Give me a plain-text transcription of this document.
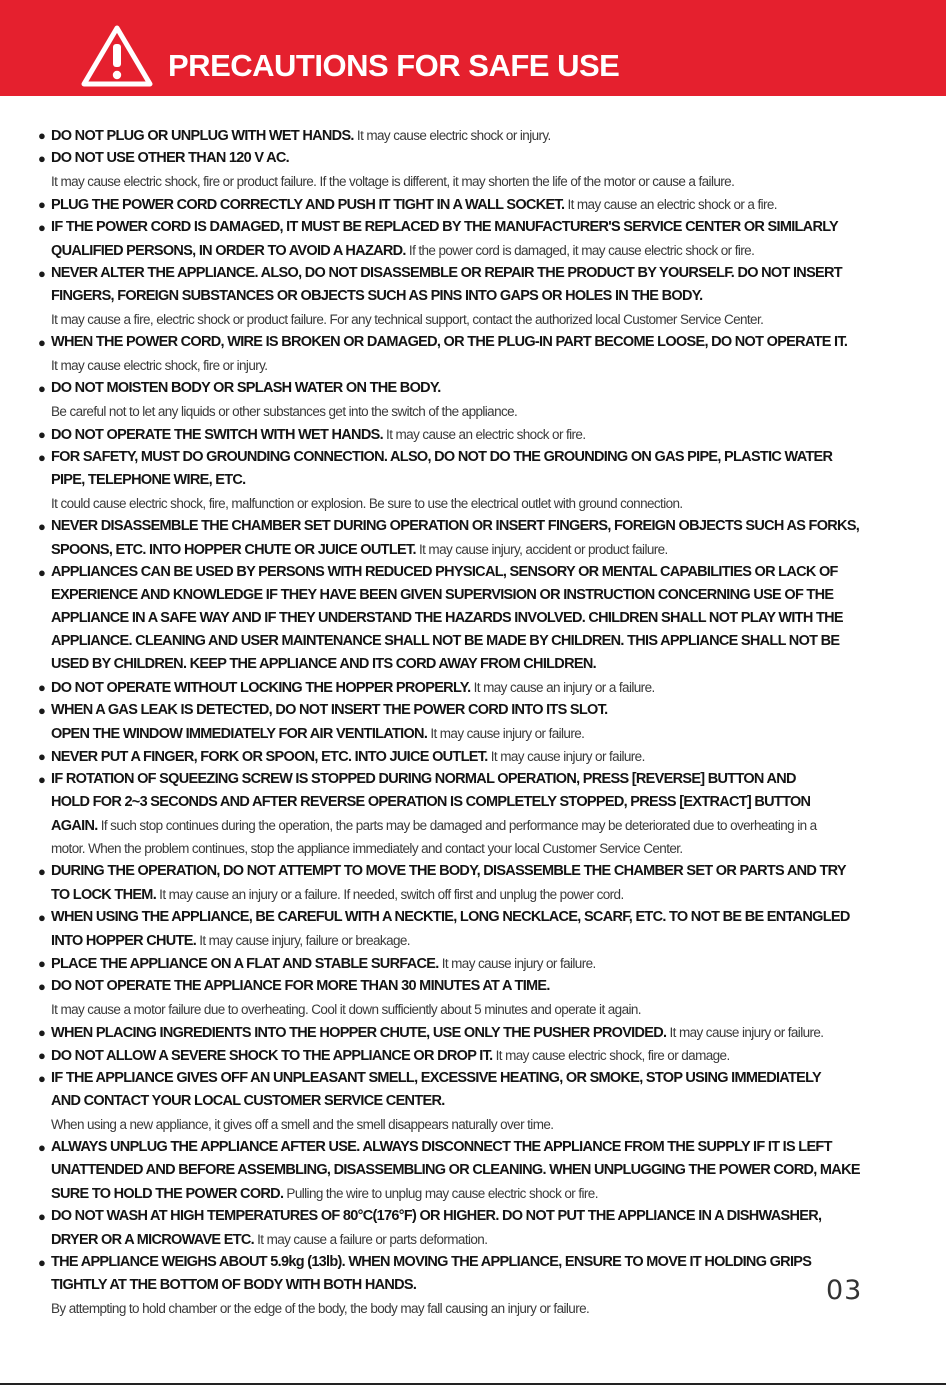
PRECAUTIONS FOR SAFE USE
● DO NOT PLUG OR UNPLUG WITH WET HANDS. It may cause electric shock or injury.
● DO NOT USE OTHER THAN 120 V AC.
It may cause electric shock, fire or product failure. If the voltage is different, it may shorten the life of the motor or cause a failure.
● PLUG THE POWER CORD CORRECTLY AND PUSH IT TIGHT IN A WALL SOCKET. It may cause an electric shock or a fire.
● IF THE POWER CORD IS DAMAGED, IT MUST BE REPLACED BY THE MANUFACTURER'S SERVICE CENTER OR SIMILARLY
QUALIFIED PERSONS, IN ORDER TO AVOID A HAZARD. If the power cord is damaged, it may cause electric shock or fire.
● NEVER ALTER THE APPLIANCE. ALSO, DO NOT DISASSEMBLE OR REPAIR THE PRODUCT BY YOURSELF. DO NOT INSERT
FINGERS, FOREIGN SUBSTANCES OR OBJECTS SUCH AS PINS INTO GAPS OR HOLES IN THE BODY.
It may cause a fire, electric shock or product failure. For any technical support, contact the authorized local Customer Service Center.
● WHEN THE POWER CORD, WIRE IS BROKEN OR DAMAGED, OR THE PLUG-IN PART BECOME LOOSE, DO NOT OPERATE IT.
It may cause electric shock, fire or injury.
● DO NOT MOISTEN BODY OR SPLASH WATER ON THE BODY.
Be careful not to let any liquids or other substances get into the switch of the appliance.
● DO NOT OPERATE THE SWITCH WITH WET HANDS. It may cause an electric shock or fire.
● FOR SAFETY, MUST DO GROUNDING CONNECTION. ALSO, DO NOT DO THE GROUNDING ON GAS PIPE, PLASTIC WATER
PIPE, TELEPHONE WIRE, ETC.
It could cause electric shock, fire, malfunction or explosion. Be sure to use the electrical outlet with ground connection.
● NEVER DISASSEMBLE THE CHAMBER SET DURING OPERATION OR INSERT FINGERS, FOREIGN OBJECTS SUCH AS FORKS,
SPOONS, ETC. INTO HOPPER CHUTE OR JUICE OUTLET. It may cause injury, accident or product failure.
● APPLIANCES CAN BE USED BY PERSONS WITH REDUCED PHYSICAL, SENSORY OR MENTAL CAPABILITIES OR LACK OF
EXPERIENCE AND KNOWLEDGE IF THEY HAVE BEEN GIVEN SUPERVISION OR INSTRUCTION CONCERNING USE OF THE
APPLIANCE IN A SAFE WAY AND IF THEY UNDERSTAND THE HAZARDS INVOLVED. CHILDREN SHALL NOT PLAY WITH THE
APPLIANCE. CLEANING AND USER MAINTENANCE SHALL NOT BE MADE BY CHILDREN. THIS APPLIANCE SHALL NOT BE
USED BY CHILDREN. KEEP THE APPLIANCE AND ITS CORD AWAY FROM CHILDREN.
● DO NOT OPERATE WITHOUT LOCKING THE HOPPER PROPERLY. It may cause an injury or a failure.
● WHEN A GAS LEAK IS DETECTED, DO NOT INSERT THE POWER CORD INTO ITS SLOT.
OPEN THE WINDOW IMMEDIATELY FOR AIR VENTILATION. It may cause injury or failure.
● NEVER PUT A FINGER, FORK OR SPOON, ETC. INTO JUICE OUTLET. It may cause injury or failure.
● IF ROTATION OF SQUEEZING SCREW IS STOPPED DURING NORMAL OPERATION, PRESS [REVERSE] BUTTON AND
HOLD FOR 2~3 SECONDS AND AFTER REVERSE OPERATION IS COMPLETELY STOPPED, PRESS [EXTRACT] BUTTON
AGAIN. If such stop continues during the operation, the parts may be damaged and performance may be deteriorated due to overheating in a
motor. When the problem continues, stop the appliance immediately and contact your local Customer Service Center.
● DURING THE OPERATION, DO NOT ATTEMPT TO MOVE THE BODY, DISASSEMBLE THE CHAMBER SET OR PARTS AND TRY
TO LOCK THEM. It may cause an injury or a failure. If needed, switch off first and unplug the power cord.
● WHEN USING THE APPLIANCE, BE CAREFUL WITH A NECKTIE, LONG NECKLACE, SCARF, ETC. TO NOT BE BE ENTANGLED
INTO HOPPER CHUTE. It may cause injury, failure or breakage.
● PLACE THE APPLIANCE ON A FLAT AND STABLE SURFACE. It may cause injury or failure.
● DO NOT OPERATE THE APPLIANCE FOR MORE THAN 30 MINUTES AT A TIME.
It may cause a motor failure due to overheating. Cool it down sufficiently about 5 minutes and operate it again.
● WHEN PLACING INGREDIENTS INTO THE HOPPER CHUTE, USE ONLY THE PUSHER PROVIDED. It may cause injury or failure.
● DO NOT ALLOW A SEVERE SHOCK TO THE APPLIANCE OR DROP IT. It may cause electric shock, fire or damage.
● IF THE APPLIANCE GIVES OFF AN UNPLEASANT SMELL, EXCESSIVE HEATING, OR SMOKE, STOP USING IMMEDIATELY
AND CONTACT YOUR LOCAL CUSTOMER SERVICE CENTER.
When using a new appliance, it gives off a smell and the smell disappears naturally over time.
● ALWAYS UNPLUG THE APPLIANCE AFTER USE. ALWAYS DISCONNECT THE APPLIANCE FROM THE SUPPLY IF IT IS LEFT
UNATTENDED AND BEFORE ASSEMBLING, DISASSEMBLING OR CLEANING. WHEN UNPLUGGING THE POWER CORD, MAKE
SURE TO HOLD THE POWER CORD. Pulling the wire to unplug may cause electric shock or fire.
● DO NOT WASH AT HIGH TEMPERATURES OF 80°C(176°F) OR HIGHER. DO NOT PUT THE APPLIANCE IN A DISHWASHER,
DRYER OR A MICROWAVE ETC. It may cause a failure or parts deformation.
● THE APPLIANCE WEIGHS ABOUT 5.9kg (13lb). WHEN MOVING THE APPLIANCE, ENSURE TO MOVE IT HOLDING GRIPS
TIGHTLY AT THE BOTTOM OF BODY WITH BOTH HANDS.
By attempting to hold chamber or the edge of the body, the body may fall causing an injury or failure.
03
